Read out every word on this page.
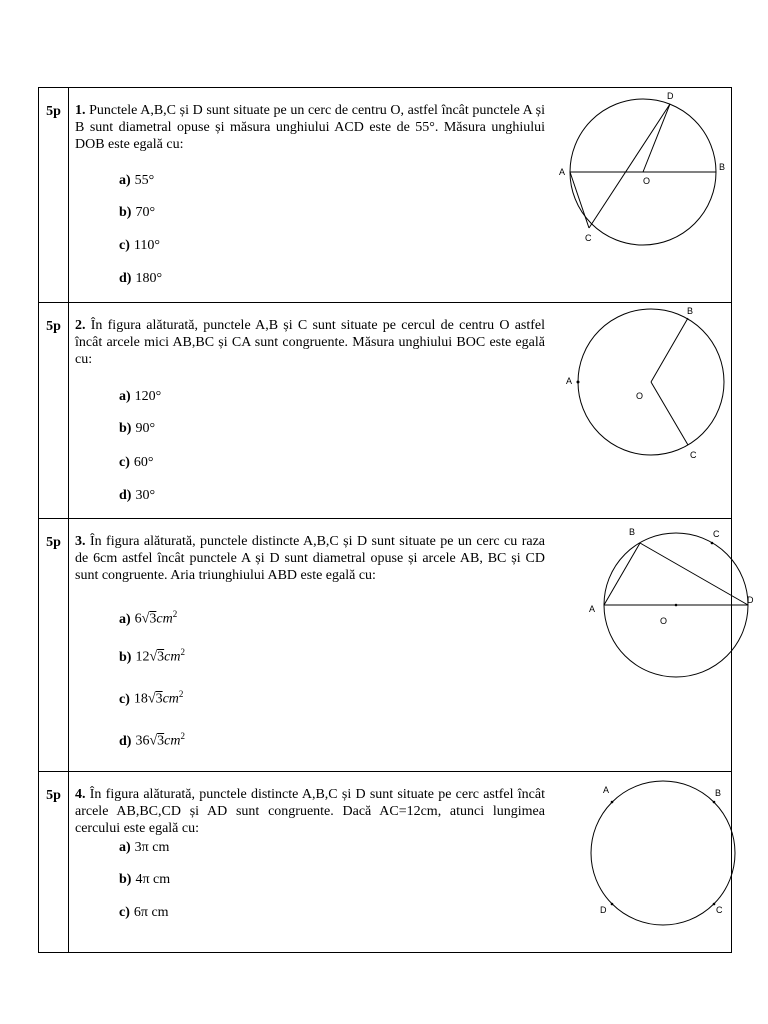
5p	1. Punctele A,B,C și D sunt situate pe un cerc de centru O, astfel încât punctele A și B sunt diametral opuse și măsura unghiului ACD este de 55°. Măsura unghiului DOB este egală cu:
a) 55°
b) 70°
c) 110°
d) 180°
D
A	B
O
C
5p	2. În figura alăturată, punctele A,B și C sunt situate pe cercul de centru O astfel încât arcele mici AB,BC și CA sunt congruente. Măsura unghiului BOC este egală cu:
a) 120°
b) 90°
c) 60°
d) 30°
B
A
O
C
5p	3. În figura alăturată, punctele distincte A,B,C și D sunt situate pe un cerc cu raza de 6cm astfel încât punctele A și D sunt diametral opuse și arcele AB, BC și CD sunt congruente. Aria triunghiului ABD este egală cu:
a) $6√3cm^2$
b) $12√3cm^2$
c) $18√3cm^2$
d) $36√3cm^2$
B	C
A
D
O
5p	4. În figura alăturată, punctele distincte A,B,C și D sunt situate pe cerc astfel încât arcele AB,BC,CD și AD sunt congruente. Dacă AC=12cm, atunci lungimea cercului este egală cu:
a) 3π cm
b) 4π cm
c) 6π cm
A	B
D	C
